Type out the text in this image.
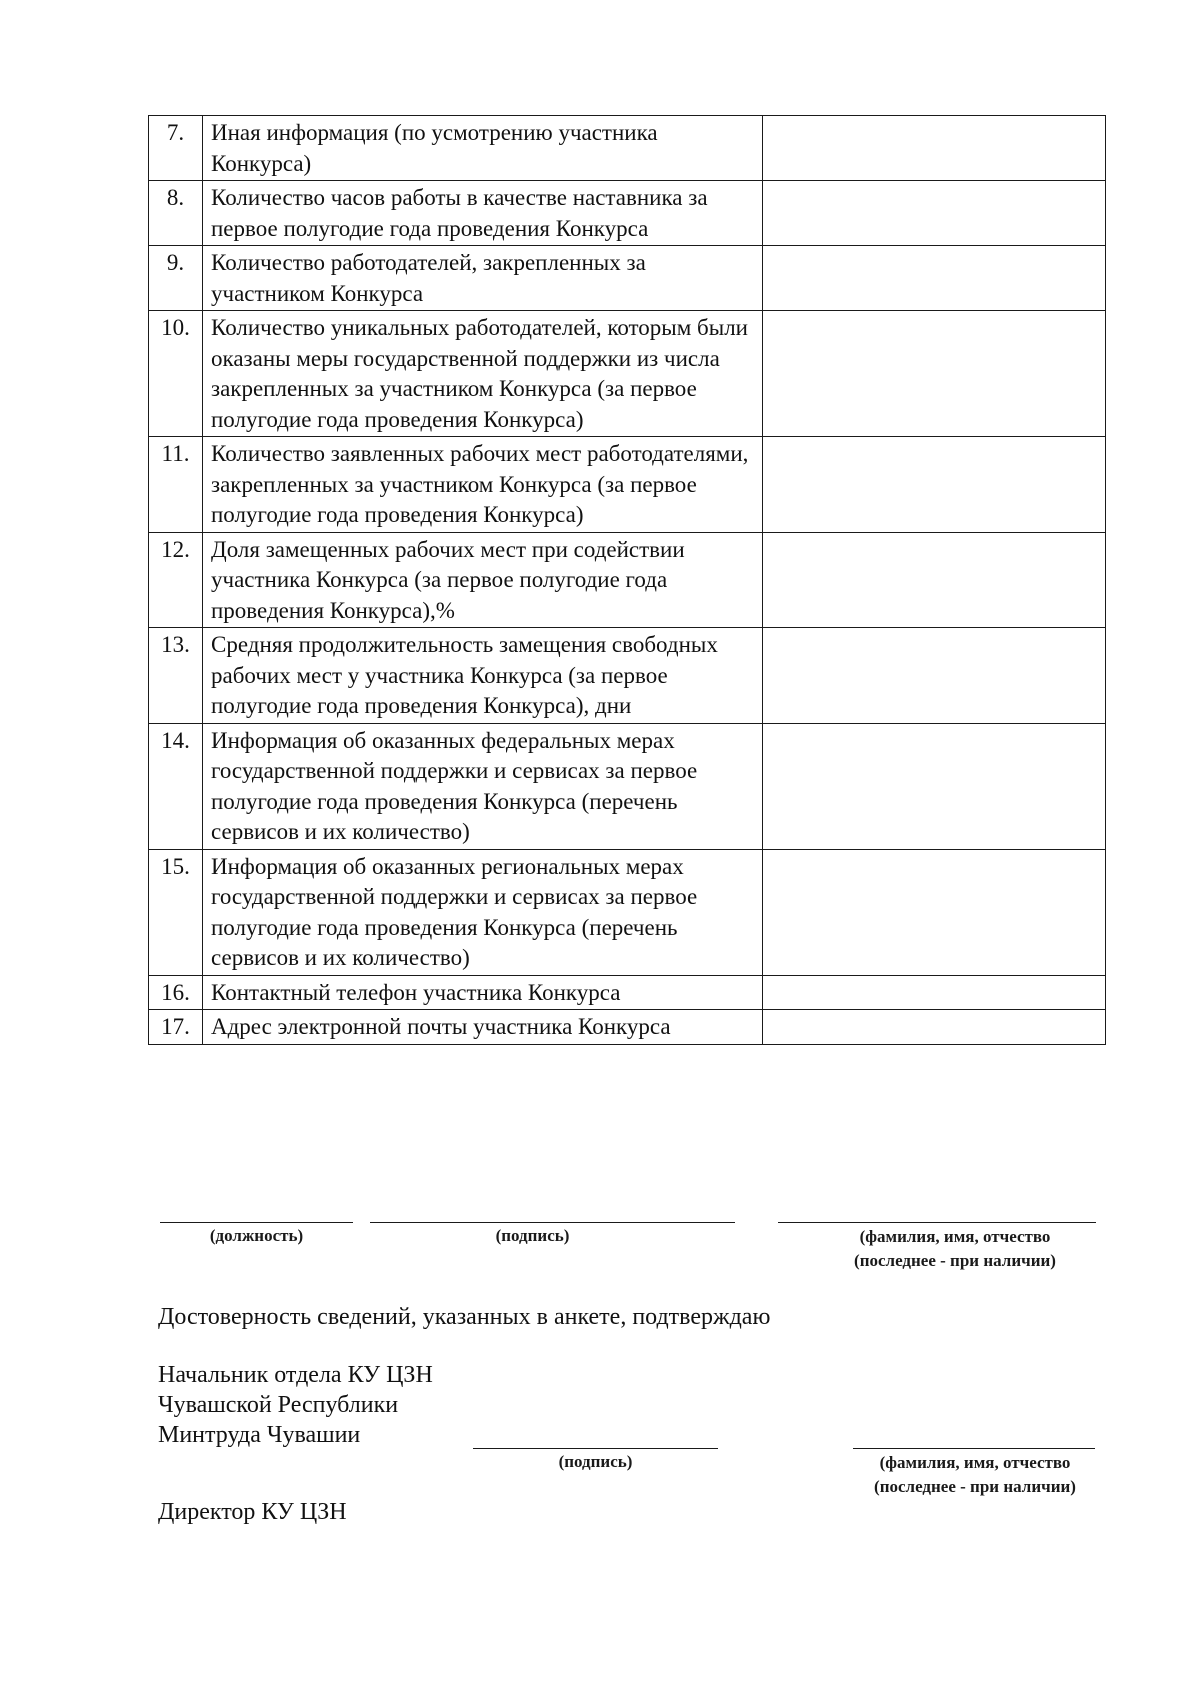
7.	Иная информация (по усмотрению участника Конкурса)	
8.	Количество часов работы в качестве наставника за первое полугодие года проведения Конкурса	
9.	Количество работодателей, закрепленных за участником Конкурса	
10.	Количество уникальных работодателей, которым были оказаны меры государственной поддержки из числа закрепленных за участником Конкурса (за первое полугодие года проведения Конкурса)	
11.	Количество заявленных рабочих мест работодателями, закрепленных за участником Конкурса (за первое полугодие года проведения Конкурса)	
12.	Доля замещенных рабочих мест при содействии участника Конкурса (за первое полугодие года проведения Конкурса),%	
13.	Средняя продолжительность замещения свободных рабочих мест у участника Конкурса (за первое полугодие года проведения Конкурса), дни	
14.	Информация об оказанных федеральных мерах государственной поддержки и сервисах за первое полугодие года проведения Конкурса (перечень сервисов и их количество)	
15.	Информация об оказанных региональных мерах государственной поддержки и сервисах за первое полугодие года проведения Конкурса (перечень сервисов и их количество)	
16.	Контактный телефон участника Конкурса	
17.	Адрес электронной почты участника Конкурса	
(должность)	(подпись)	(фамилия, имя, отчество
(последнее - при наличии)
Достоверность сведений, указанных в анкете, подтверждаю
Начальник отдела КУ ЦЗН
Чувашской Республики
Минтруда Чувашии
(подпись)	(фамилия, имя, отчество
(последнее - при наличии)
Директор КУ ЦЗН
